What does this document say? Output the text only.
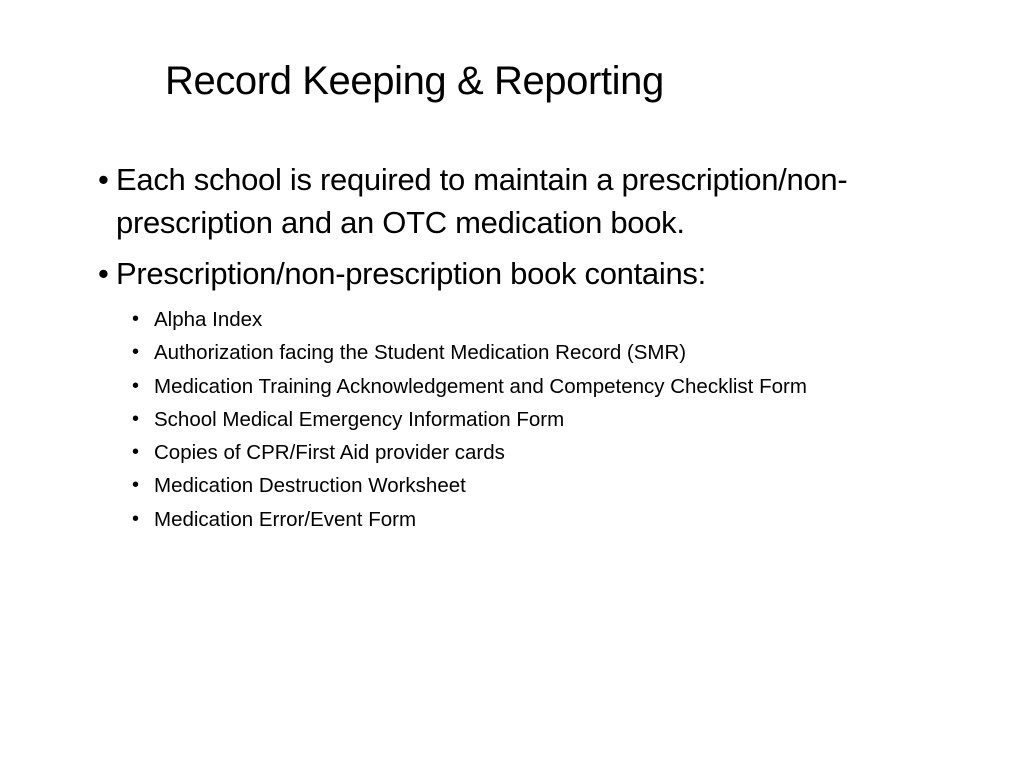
Record Keeping & Reporting
• Each school is required to maintain a prescription/non-prescription and an OTC medication book.
• Prescription/non-prescription book contains:
• Alpha Index
• Authorization facing the Student Medication Record (SMR)
• Medication Training Acknowledgement and Competency Checklist Form
• School Medical Emergency Information Form
• Copies of CPR/First Aid provider cards
• Medication Destruction Worksheet
• Medication Error/Event Form
